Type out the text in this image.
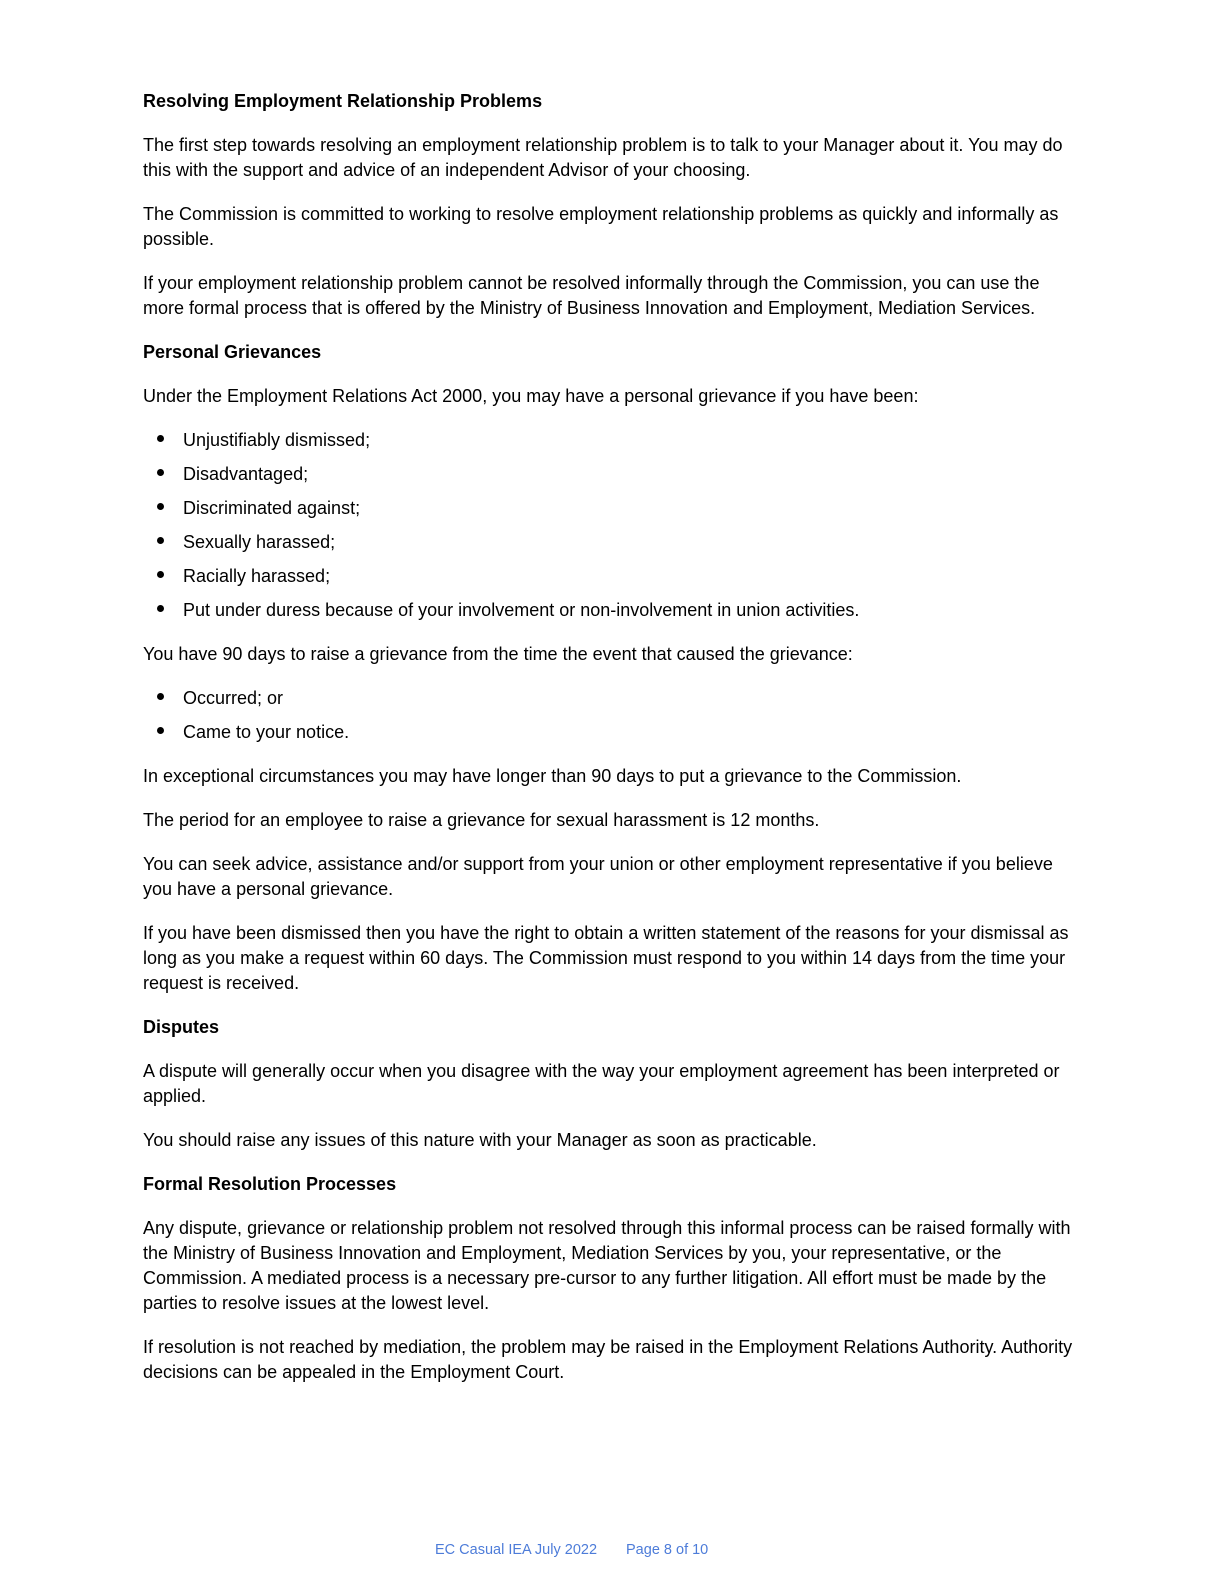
Resolving Employment Relationship Problems

The first step towards resolving an employment relationship problem is to talk to your Manager about it. You may do this with the support and advice of an independent Advisor of your choosing.

The Commission is committed to working to resolve employment relationship problems as quickly and informally as possible.

If your employment relationship problem cannot be resolved informally through the Commission, you can use the more formal process that is offered by the Ministry of Business Innovation and Employment, Mediation Services.

Personal Grievances

Under the Employment Relations Act 2000, you may have a personal grievance if you have been:

Unjustifiably dismissed;
Disadvantaged;
Discriminated against;
Sexually harassed;
Racially harassed;
Put under duress because of your involvement or non-involvement in union activities.

You have 90 days to raise a grievance from the time the event that caused the grievance:

Occurred; or
Came to your notice.

In exceptional circumstances you may have longer than 90 days to put a grievance to the Commission.

The period for an employee to raise a grievance for sexual harassment is 12 months.

You can seek advice, assistance and/or support from your union or other employment representative if you believe you have a personal grievance.

If you have been dismissed then you have the right to obtain a written statement of the reasons for your dismissal as long as you make a request within 60 days. The Commission must respond to you within 14 days from the time your request is received.

Disputes

A dispute will generally occur when you disagree with the way your employment agreement has been interpreted or applied.

You should raise any issues of this nature with your Manager as soon as practicable.

Formal Resolution Processes

Any dispute, grievance or relationship problem not resolved through this informal process can be raised formally with the Ministry of Business Innovation and Employment, Mediation Services by you, your representative, or the Commission. A mediated process is a necessary pre-cursor to any further litigation. All effort must be made by the parties to resolve issues at the lowest level.

If resolution is not reached by mediation, the problem may be raised in the Employment Relations Authority. Authority decisions can be appealed in the Employment Court.

EC Casual IEA July 2022 Page 8 of 10
